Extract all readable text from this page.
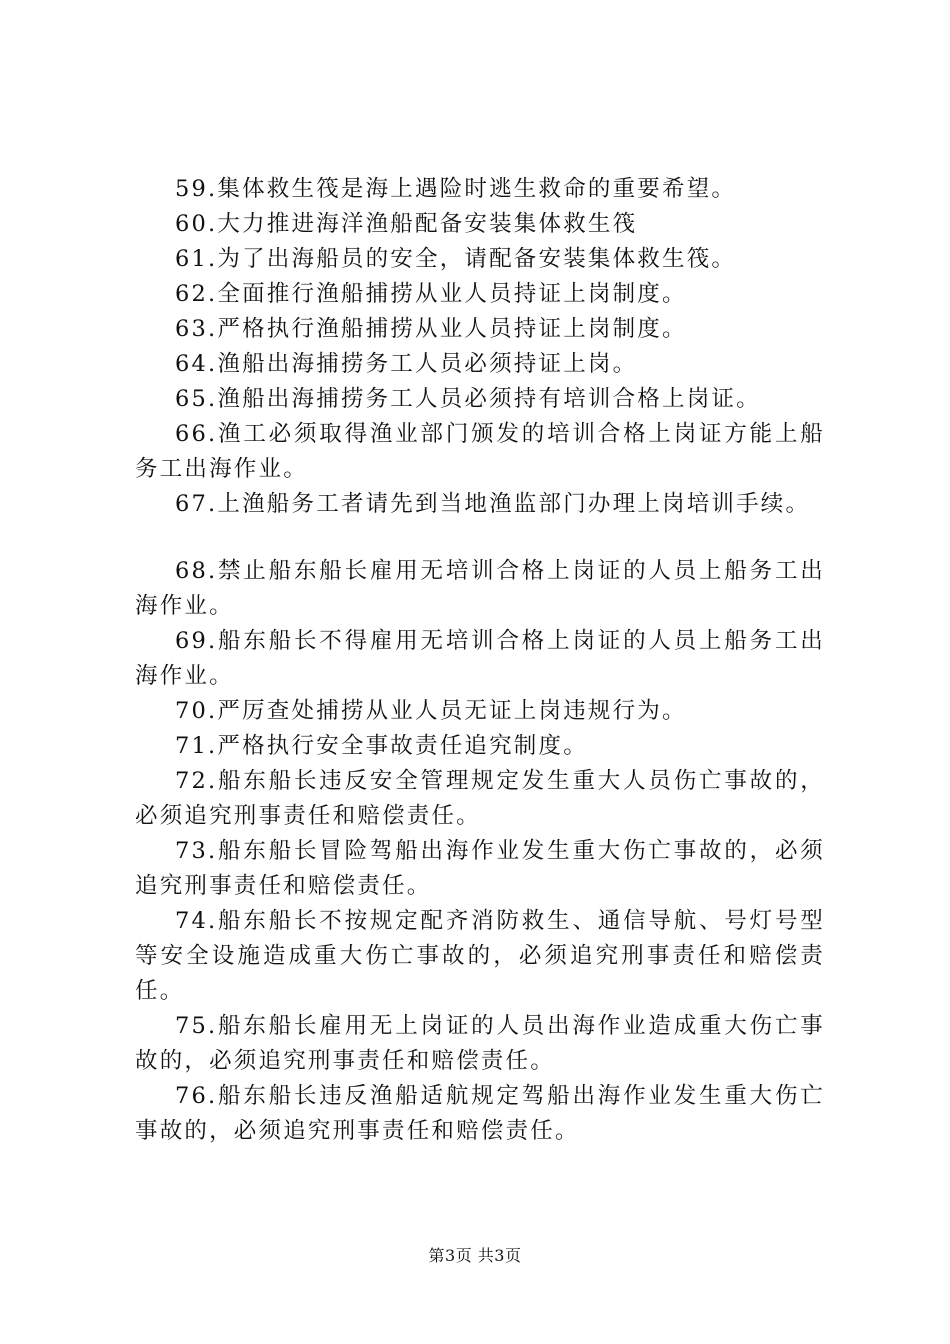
59.集体救生筏是海上遇险时逃生救命的重要希望。

60.大力推进海洋渔船配备安装集体救生筏

61.为了出海船员的安全，请配备安装集体救生筏。

62.全面推行渔船捕捞从业人员持证上岗制度。

63.严格执行渔船捕捞从业人员持证上岗制度。

64.渔船出海捕捞务工人员必须持证上岗。

65.渔船出海捕捞务工人员必须持有培训合格上岗证。

66.渔工必须取得渔业部门颁发的培训合格上岗证方能上船务工出海作业。

67.上渔船务工者请先到当地渔监部门办理上岗培训手续。

68.禁止船东船长雇用无培训合格上岗证的人员上船务工出海作业。

69.船东船长不得雇用无培训合格上岗证的人员上船务工出海作业。

70.严厉查处捕捞从业人员无证上岗违规行为。

71.严格执行安全事故责任追究制度。

72.船东船长违反安全管理规定发生重大人员伤亡事故的，必须追究刑事责任和赔偿责任。

73.船东船长冒险驾船出海作业发生重大伤亡事故的，必须追究刑事责任和赔偿责任。

74.船东船长不按规定配齐消防救生、通信导航、号灯号型等安全设施造成重大伤亡事故的，必须追究刑事责任和赔偿责任。

75.船东船长雇用无上岗证的人员出海作业造成重大伤亡事故的，必须追究刑事责任和赔偿责任。

76.船东船长违反渔船适航规定驾船出海作业发生重大伤亡事故的，必须追究刑事责任和赔偿责任。

第3页 共3页
